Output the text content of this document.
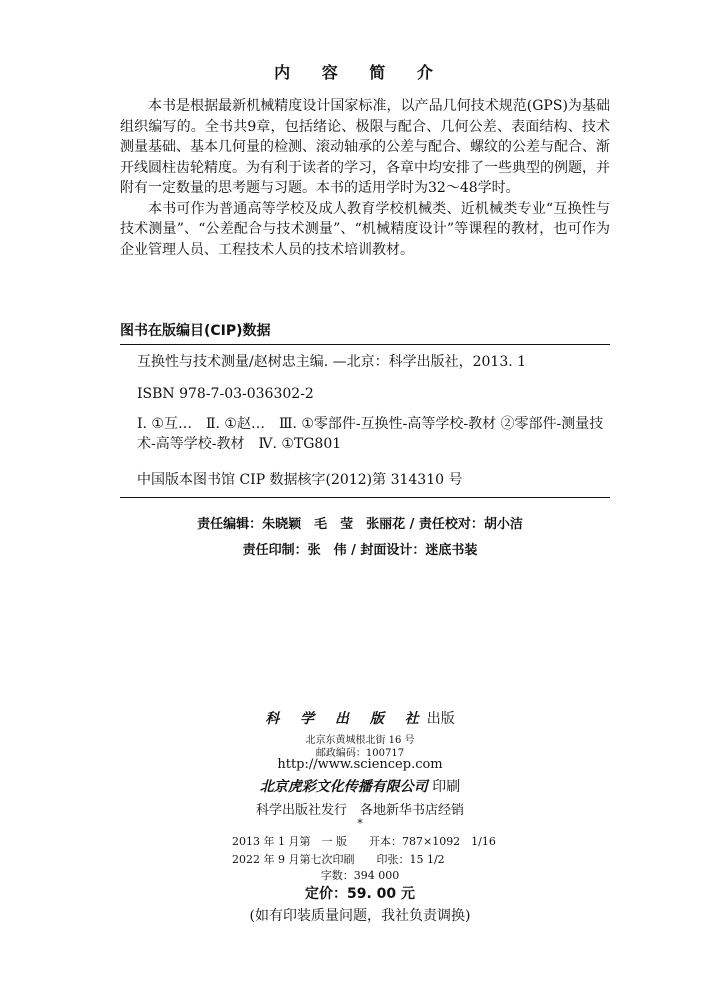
内 容 简 介

本书是根据最新机械精度设计国家标准，以产品几何技术规范(GPS)为基础组织编写的。全书共9章，包括绪论、极限与配合、几何公差、表面结构、技术测量基础、基本几何量的检测、滚动轴承的公差与配合、螺纹的公差与配合、渐开线圆柱齿轮精度。为有利于读者的学习，各章中均安排了一些典型的例题，并附有一定数量的思考题与习题。本书的适用学时为32～48学时。

本书可作为普通高等学校及成人教育学校机械类、近机械类专业“互换性与技术测量”、“公差配合与技术测量”、“机械精度设计”等课程的教材，也可作为企业管理人员、工程技术人员的技术培训教材。

图书在版编目(CIP)数据
互换性与技术测量/赵树忠主编. —北京：科学出版社，2013. 1
ISBN 978-7-03-036302-2
Ⅰ. ①互…　Ⅱ. ①赵…　Ⅲ. ①零部件-互换性-高等学校-教材 ②零部件-测量技术-高等学校-教材　Ⅳ. ①TG801
中国版本图书馆 CIP 数据核字(2012)第 314310 号
责任编辑：朱晓颖　毛　莹　张丽花 / 责任校对：胡小洁
责任印制：张　伟 / 封面设计：迷底书装
科 学 出 版 社出版
北京东黄城根北街 16 号
邮政编码：100717
http://www.sciencep.com
北京虎彩文化传播有限公司 印刷
科学出版社发行　各地新华书店经销
*
2013 年 1 月第　一 版　　开本：787×1092　1/16
2022 年 9 月第七次印刷　　印张：15 1/2
字数：394 000
定价：59. 00 元
(如有印装质量问题，我社负责调换)
